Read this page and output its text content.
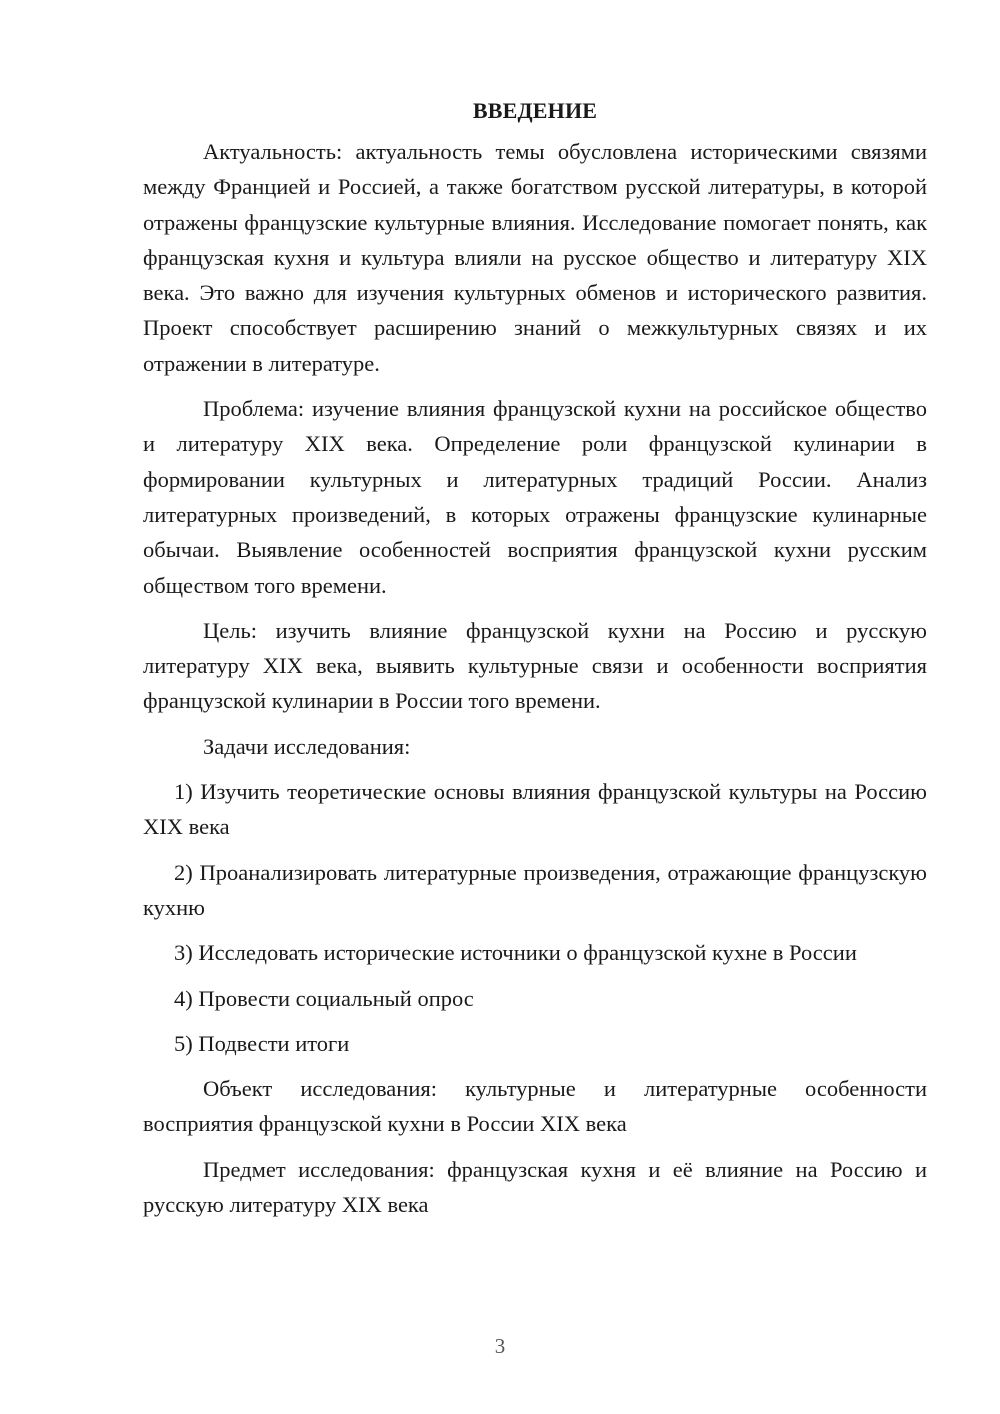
ВВЕДЕНИЕ

Актуальность: актуальность темы обусловлена историческими связями между Францией и Россией, а также богатством русской литературы, в которой отражены французские культурные влияния. Исследование помогает понять, как французская кухня и культура влияли на русское общество и литературу XIX века. Это важно для изучения культурных обменов и исторического развития. Проект способствует расширению знаний о межкультурных связях и их отражении в литературе.

Проблема: изучение влияния французской кухни на российское общество и литературу XIX века. Определение роли французской кулинарии в формировании культурных и литературных традиций России. Анализ литературных произведений, в которых отражены французские кулинарные обычаи. Выявление особенностей восприятия французской кухни русским обществом того времени.

Цель: изучить влияние французской кухни на Россию и русскую литературу XIX века, выявить культурные связи и особенности восприятия французской кулинарии в России того времени.

Задачи исследования:

1) Изучить теоретические основы влияния французской культуры на Россию XIX века

2) Проанализировать литературные произведения, отражающие французскую кухню

3) Исследовать исторические источники о французской кухне в России

4) Провести социальный опрос

5) Подвести итоги

Объект исследования: культурные и литературные особенности восприятия французской кухни в России XIX века

Предмет исследования: французская кухня и её влияние на Россию и русскую литературу XIX века

3
